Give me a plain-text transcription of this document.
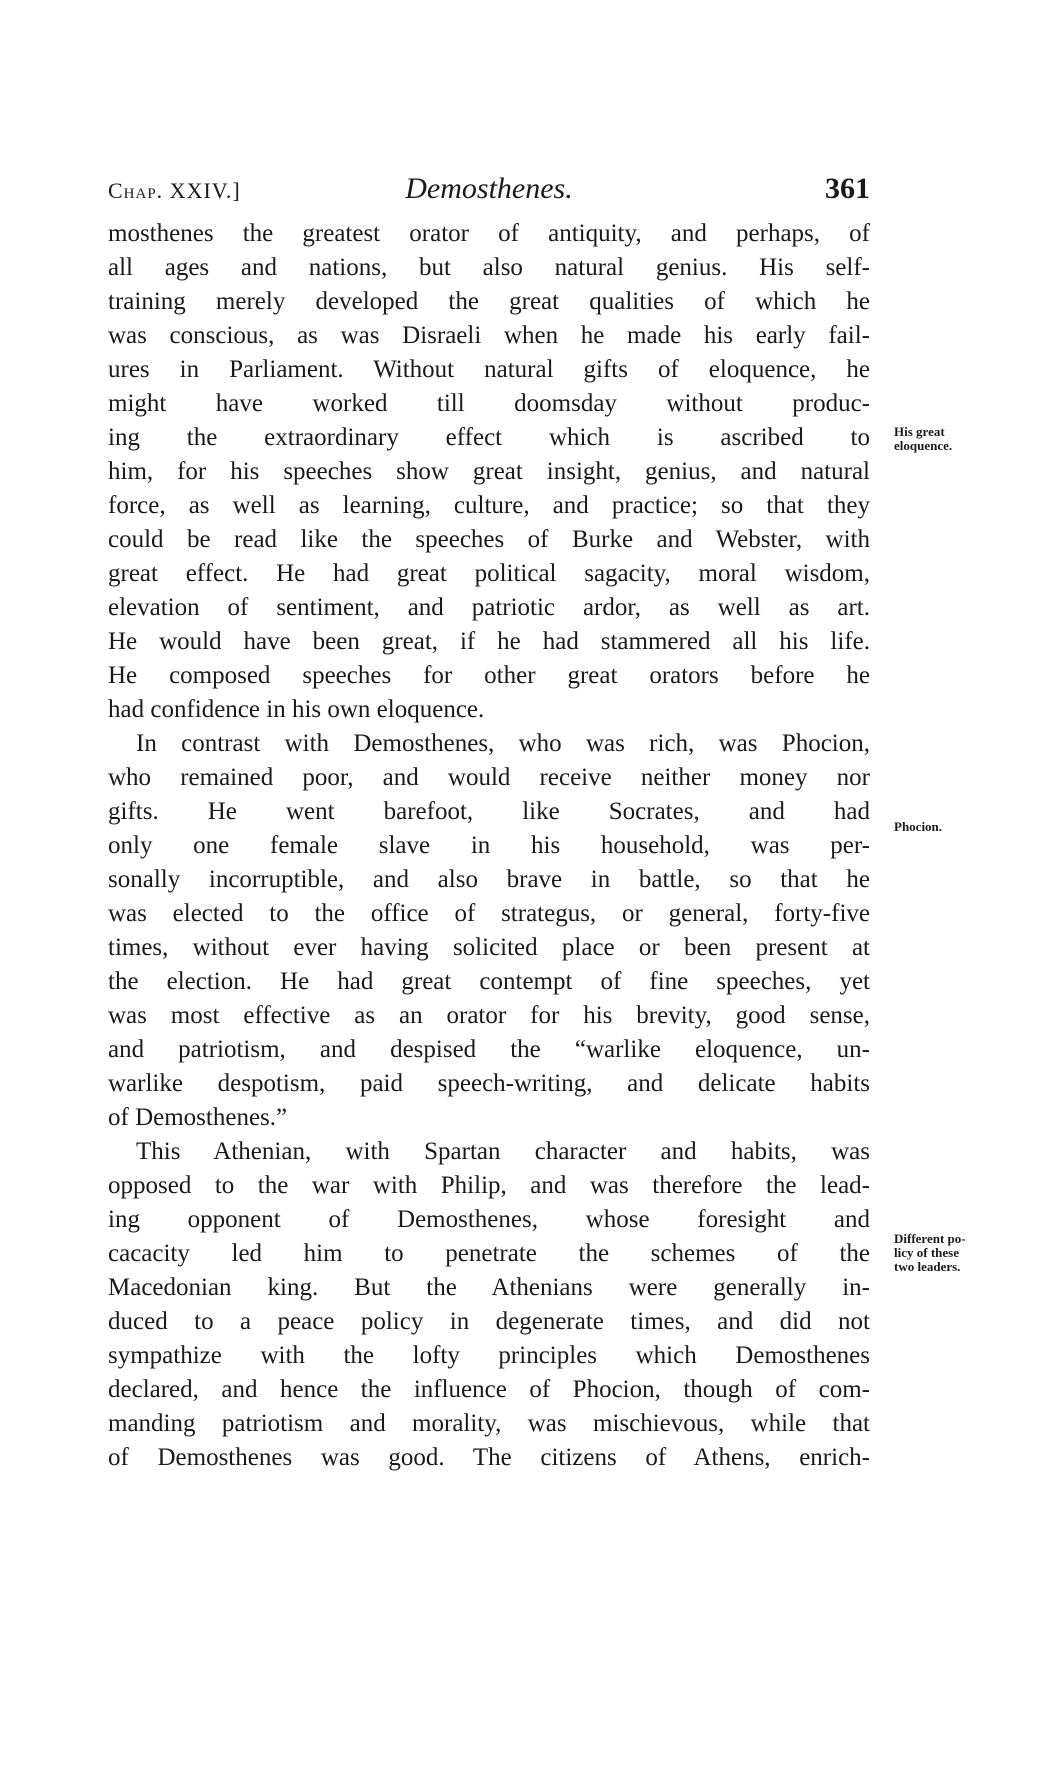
Chap. XXIV.]	Demosthenes.	361
mosthenes the greatest orator of antiquity, and perhaps, of
all ages and nations, but also natural genius. His self-
training merely developed the great qualities of which he
was conscious, as was Disraeli when he made his early fail-
ures in Parliament. Without natural gifts of eloquence, he
might have worked till doomsday without produc-
ing the extraordinary effect which is ascribed to
him, for his speeches show great insight, genius, and natural
force, as well as learning, culture, and practice; so that they
could be read like the speeches of Burke and Webster, with
great effect. He had great political sagacity, moral wisdom,
elevation of sentiment, and patriotic ardor, as well as art.
He would have been great, if he had stammered all his life.
He composed speeches for other great orators before he
had confidence in his own eloquence.
In contrast with Demosthenes, who was rich, was Phocion,
who remained poor, and would receive neither money nor
gifts. He went barefoot, like Socrates, and had
only one female slave in his household, was per-
sonally incorruptible, and also brave in battle, so that he
was elected to the office of strategus, or general, forty-five
times, without ever having solicited place or been present at
the election. He had great contempt of fine speeches, yet
was most effective as an orator for his brevity, good sense,
and patriotism, and despised the “warlike eloquence, un-
warlike despotism, paid speech-writing, and delicate habits
of Demosthenes.”
This Athenian, with Spartan character and habits, was
opposed to the war with Philip, and was therefore the lead-
ing opponent of Demosthenes, whose foresight and
cacacity led him to penetrate the schemes of the
Macedonian king. But the Athenians were generally in-
duced to a peace policy in degenerate times, and did not
sympathize with the lofty principles which Demosthenes
declared, and hence the influence of Phocion, though of com-
manding patriotism and morality, was mischievous, while that
of Demosthenes was good. The citizens of Athens, enrich-
His great
eloquence.
Phocion.
Different po-
licy of these
two leaders.
